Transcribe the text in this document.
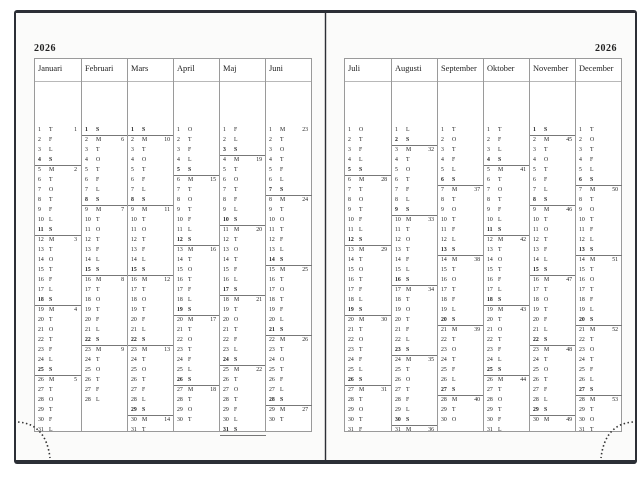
2026
Januari
1 T	1
2 F
3 L
4 S
5 M	2
6 T
7 O
8 T
9 F
10 L
11 S
12 M	3
13 T
14 O
15 T
16 F
17 L
18 S
19 M	4
20 T
21 O
22 T
23 F
24 L
25 S
26 M	5
27 T
28 O
29 T
30 F
31 L
Februari
1 S
2 M	6
3 T
4 O
5 T
6 F
7 L
8 S
9 M	7
10 T
11 O
12 T
13 F
14 L
15 S
16 M	8
17 T
18 O
19 T
20 F
21 L
22 S
23 M	9
24 T
25 O
26 T
27 F
28 L
Mars
1 S
2 M	10
3 T
4 O
5 T
6 F
7 L
8 S
9 M	11
10 T
11 O
12 T
13 F
14 L
15 S
16 M	12
17 T
18 O
19 T
20 F
21 L
22 S
23 M	13
24 T
25 O
26 T
27 F
28 L
29 S
30 M	14
31 T
April
1 O
2 T
3 F
4 L
5 S
6 M	15
7 T
8 O
9 T
10 F
11 L
12 S
13 M	16
14 T
15 O
16 T
17 F
18 L
19 S
20 M	17
21 T
22 O
23 T
24 F
25 L
26 S
27 M	18
28 T
29 O
30 T
Maj
1 F
2 L
3 S
4 M	19
5 T
6 O
7 T
8 F
9 L
10 S
11 M	20
12 T
13 O
14 T
15 F
16 L
17 S
18 M	21
19 T
20 O
21 T
22 F
23 L
24 S
25 M	22
26 T
27 O
28 T
29 F
30 L
31 S
Juni
1 M	23
2 T
3 O
4 T
5 F
6 L
7 S
8 M	24
9 T
10 O
11 T
12 F
13 L
14 S
15 M	25
16 T
17 O
18 T
19 F
20 L
21 S
22 M	26
23 T
24 O
25 T
26 F
27 L
28 S
29 M	27
30 T
2026
Juli
1 O
2 T
3 F
4 L
5 S
6 M	28
7 T
8 O
9 T
10 F
11 L
12 S
13 M	29
14 T
15 O
16 T
17 F
18 L
19 S
20 M	30
21 T
22 O
23 T
24 F
25 L
26 S
27 M	31
28 T
29 O
30 T
31 F
Augusti
1 L
2 S
3 M	32
4 T
5 O
6 T
7 F
8 L
9 S
10 M	33
11 T
12 O
13 T
14 F
15 L
16 S
17 M	34
18 T
19 O
20 T
21 F
22 L
23 S
24 M	35
25 T
26 O
27 T
28 F
29 L
30 S
31 M	36
September
1 T
2 O
3 T
4 F
5 L
6 S
7 M	37
8 T
9 O
10 T
11 F
12 L
13 S
14 M	38
15 T
16 O
17 T
18 F
19 L
20 S
21 M	39
22 T
23 O
24 T
25 F
26 L
27 S
28 M	40
29 T
30 O
Oktober
1 T
2 F
3 L
4 S
5 M	41
6 T
7 O
8 T
9 F
10 L
11 S
12 M	42
13 T
14 O
15 T
16 F
17 L
18 S
19 M	43
20 T
21 O
22 T
23 F
24 L
25 S
26 M	44
27 T
28 O
29 T
30 F
31 L
November
1 S
2 M	45
3 T
4 O
5 T
6 F
7 L
8 S
9 M	46
10 T
11 O
12 T
13 F
14 L
15 S
16 M	47
17 T
18 O
19 T
20 F
21 L
22 S
23 M	48
24 T
25 O
26 T
27 F
28 L
29 S
30 M	49
December
1 T
2 O
3 T
4 F
5 L
6 S
7 M	50
8 T
9 O
10 T
11 F
12 L
13 S
14 M	51
15 T
16 O
17 T
18 F
19 L
20 S
21 M	52
22 T
23 O
24 T
25 F
26 L
27 S
28 M	53
29 T
30 O
31 T
